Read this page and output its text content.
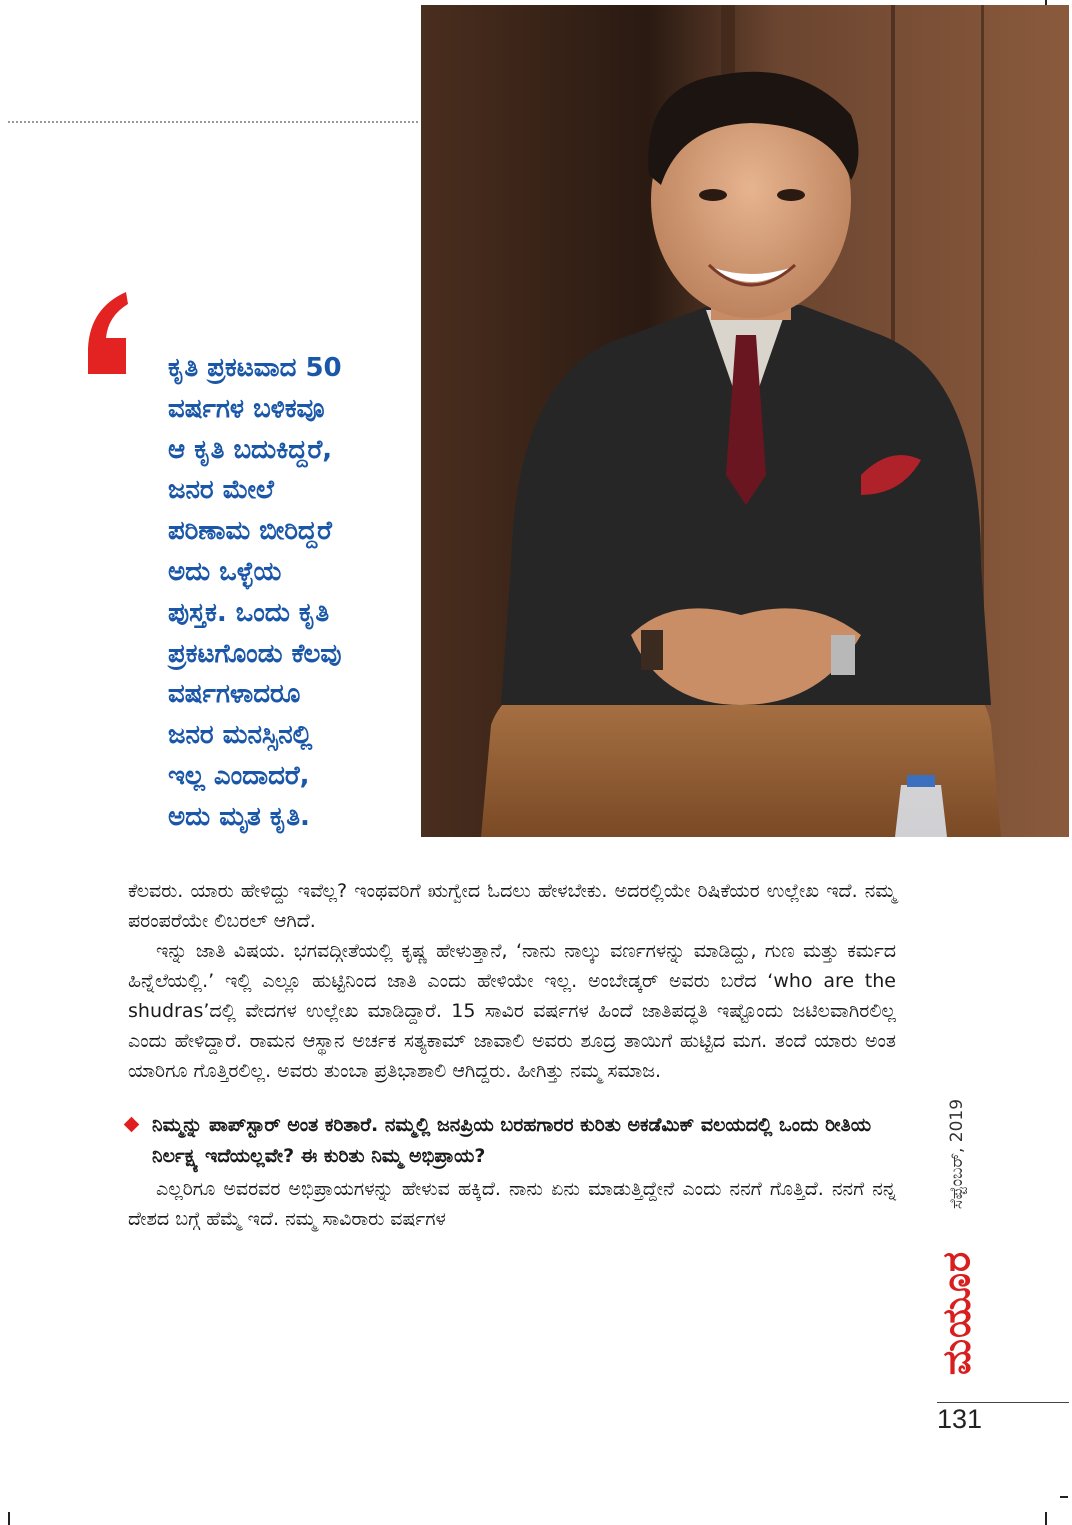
ಕೃತಿ ಪ್ರಕಟವಾದ 50
ವರ್ಷಗಳ ಬಳಿಕವೂ
ಆ ಕೃತಿ ಬದುಕಿದ್ದರೆ,
ಜನರ ಮೇಲೆ
ಪರಿಣಾಮ ಬೀರಿದ್ದರೆ
ಅದು ಒಳ್ಳೆಯ
ಪುಸ್ತಕ. ಒಂದು ಕೃತಿ
ಪ್ರಕಟಗೊಂಡು ಕೆಲವು
ವರ್ಷಗಳಾದರೂ
ಜನರ ಮನಸ್ಸಿನಲ್ಲಿ
ಇಲ್ಲ ಎಂದಾದರೆ,
ಅದು ಮೃತ ಕೃತಿ.

ಕೆಲವರು. ಯಾರು ಹೇಳಿದ್ದು ಇವೆಲ್ಲ? ಇಂಥವರಿಗೆ ಋಗ್ವೇದ ಓದಲು ಹೇಳಬೇಕು. ಅದರಲ್ಲಿಯೇ ರಿಷಿಕೆಯರ ಉಲ್ಲೇಖ ಇದೆ. ನಮ್ಮ ಪರಂಪರೆಯೇ ಲಿಬರಲ್ ಆಗಿದೆ.

ಇನ್ನು ಜಾತಿ ವಿಷಯ. ಭಗವದ್ಗೀತೆಯಲ್ಲಿ ಕೃಷ್ಣ ಹೇಳುತ್ತಾನೆ, ‘ನಾನು ನಾಲ್ಕು ವರ್ಣಗಳನ್ನು ಮಾಡಿದ್ದು, ಗುಣ ಮತ್ತು ಕರ್ಮದ ಹಿನ್ನೆಲೆಯಲ್ಲಿ.’ ಇಲ್ಲಿ ಎಲ್ಲೂ ಹುಟ್ಟಿನಿಂದ ಜಾತಿ ಎಂದು ಹೇಳಿಯೇ ಇಲ್ಲ. ಅಂಬೇಡ್ಕರ್ ಅವರು ಬರೆದ ‘who are the shudras’ದಲ್ಲಿ ವೇದಗಳ ಉಲ್ಲೇಖ ಮಾಡಿದ್ದಾರೆ. 15 ಸಾವಿರ ವರ್ಷಗಳ ಹಿಂದೆ ಜಾತಿಪದ್ಧತಿ ಇಷ್ಟೊಂದು ಜಟಿಲವಾಗಿರಲಿಲ್ಲ ಎಂದು ಹೇಳಿದ್ದಾರೆ. ರಾಮನ ಆಸ್ಥಾನ ಅರ್ಚಕ ಸತ್ಯಕಾಮ್ ಜಾವಾಲಿ ಅವರು ಶೂದ್ರ ತಾಯಿಗೆ ಹುಟ್ಟಿದ ಮಗ. ತಂದೆ ಯಾರು ಅಂತ ಯಾರಿಗೂ ಗೊತ್ತಿರಲಿಲ್ಲ. ಅವರು ತುಂಬಾ ಪ್ರತಿಭಾಶಾಲಿ ಆಗಿದ್ದರು. ಹೀಗಿತ್ತು ನಮ್ಮ ಸಮಾಜ.

ನಿಮ್ಮನ್ನು ಪಾಪ್‌ಸ್ಟಾರ್ ಅಂತ ಕರಿತಾರೆ. ನಮ್ಮಲ್ಲಿ ಜನಪ್ರಿಯ ಬರಹಗಾರರ ಕುರಿತು ಅಕಡೆಮಿಕ್ ವಲಯದಲ್ಲಿ ಒಂದು ರೀತಿಯ ನಿರ್ಲಕ್ಷ್ಯ ಇದೆಯಲ್ಲವೇ? ಈ ಕುರಿತು ನಿಮ್ಮ ಅಭಿಪ್ರಾಯ?

ಎಲ್ಲರಿಗೂ ಅವರವರ ಅಭಿಪ್ರಾಯಗಳನ್ನು ಹೇಳುವ ಹಕ್ಕಿದೆ. ನಾನು ಏನು ಮಾಡುತ್ತಿದ್ದೇನೆ ಎಂದು ನನಗೆ ಗೊತ್ತಿದೆ. ನನಗೆ ನನ್ನ ದೇಶದ ಬಗ್ಗೆ ಹೆಮ್ಮೆ ಇದೆ. ನಮ್ಮ ಸಾವಿರಾರು ವರ್ಷಗಳ

ಸೆಪ್ಟೆಂಬರ್, 2019
ಮಯೂರ
131
